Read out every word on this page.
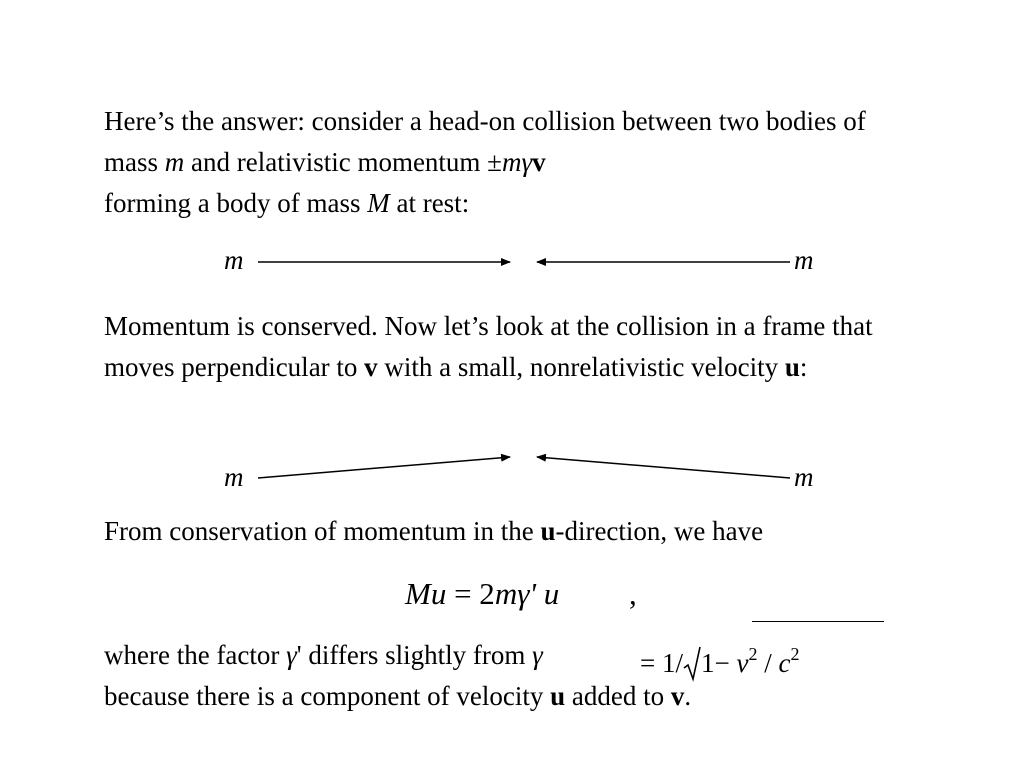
Here’s the answer: consider a head-on collision between two bodies of mass m and relativistic momentum ±mγv
forming a body of mass M at rest:

m	m

Momentum is conserved. Now let’s look at the collision in a frame that moves perpendicular to v with a small, nonrelativistic velocity u:

m	m

From conservation of momentum in the u-direction, we have

Mu = 2mγ' u ,

where the factor γ' differs slightly from γ
because there is a component of velocity u added to v.

= 1/ $1- v^2 / c^2$
